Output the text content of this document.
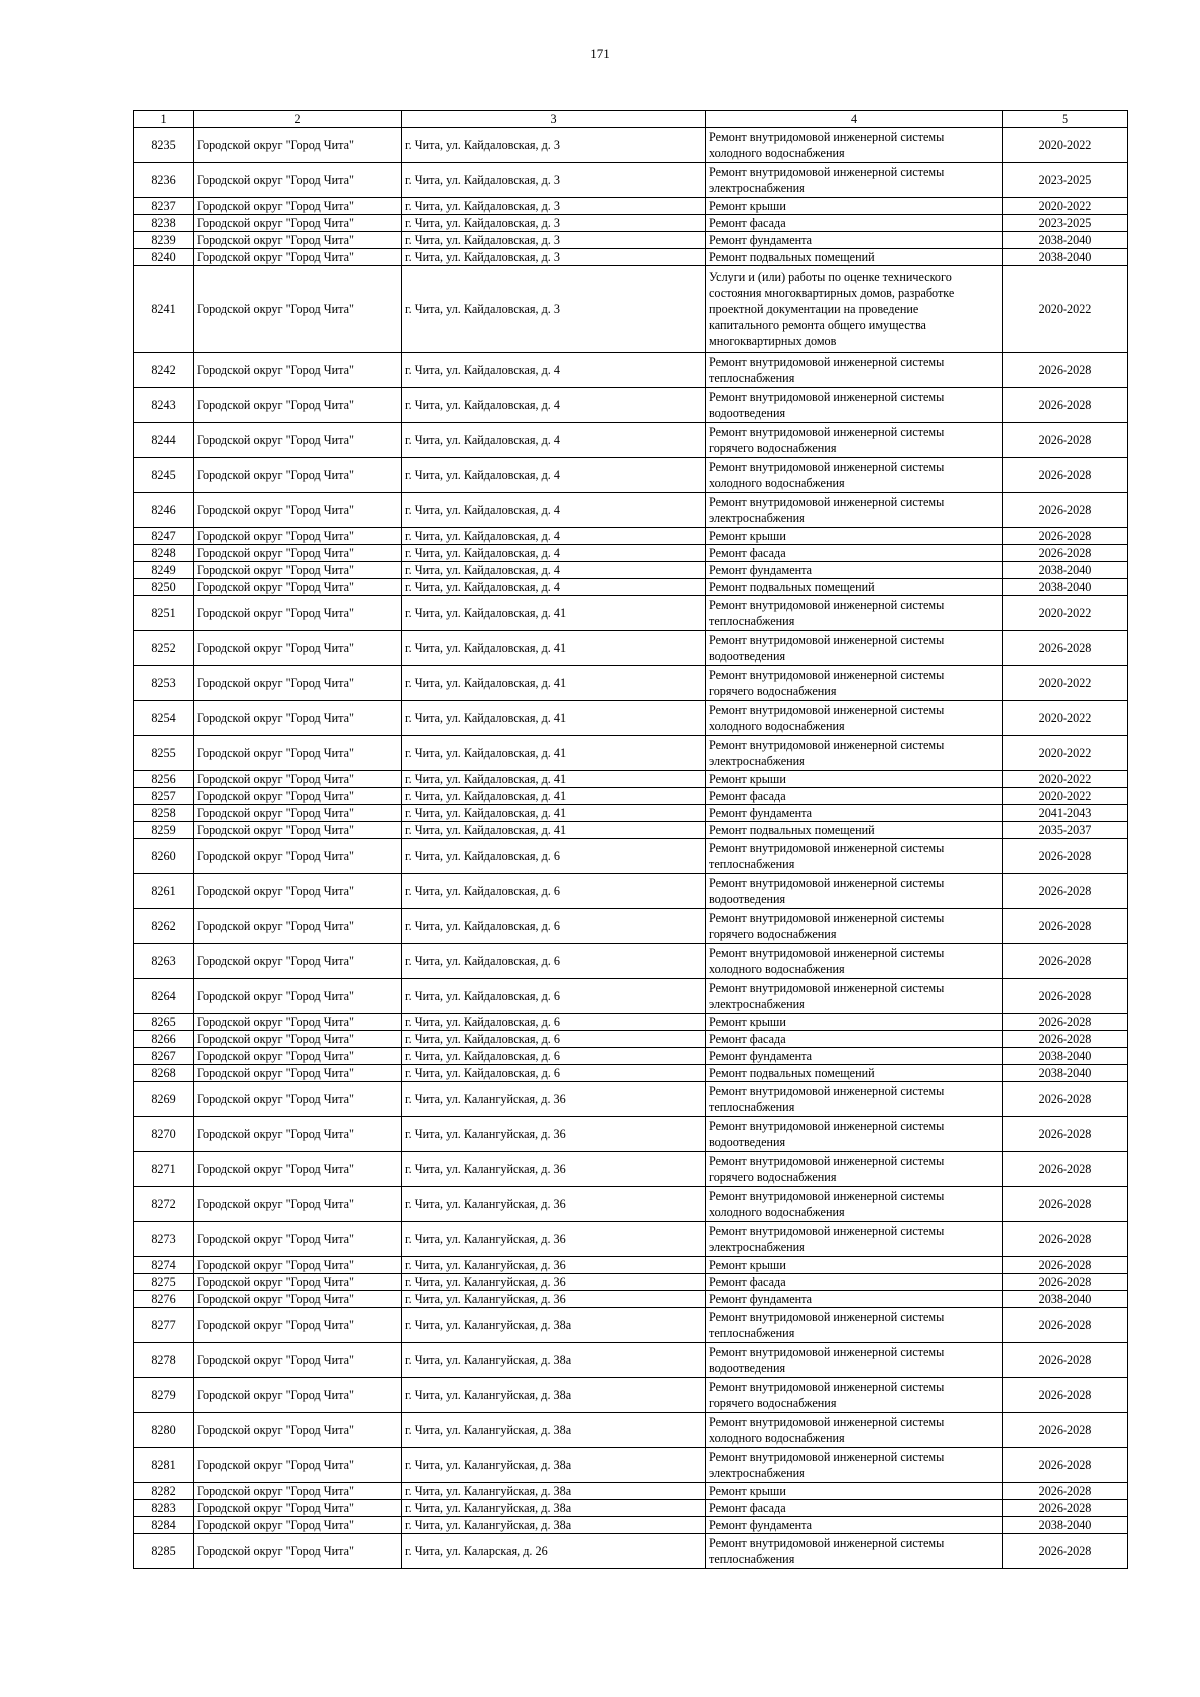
171
1	2	3	4	5
8235	Городской округ "Город Чита"	г. Чита, ул. Кайдаловская, д. 3	Ремонт внутридомовой инженерной системы
холодного водоснабжения	2020-2022
8236	Городской округ "Город Чита"	г. Чита, ул. Кайдаловская, д. 3	Ремонт внутридомовой инженерной системы
электроснабжения	2023-2025
8237	Городской округ "Город Чита"	г. Чита, ул. Кайдаловская, д. 3	Ремонт крыши	2020-2022
8238	Городской округ "Город Чита"	г. Чита, ул. Кайдаловская, д. 3	Ремонт фасада	2023-2025
8239	Городской округ "Город Чита"	г. Чита, ул. Кайдаловская, д. 3	Ремонт фундамента	2038-2040
8240	Городской округ "Город Чита"	г. Чита, ул. Кайдаловская, д. 3	Ремонт подвальных помещений	2038-2040
8241	Городской округ "Город Чита"	г. Чита, ул. Кайдаловская, д. 3	Услуги и (или) работы по оценке технического
состояния многоквартирных домов, разработке
проектной документации на проведение
капитального ремонта общего имущества
многоквартирных домов	2020-2022
8242	Городской округ "Город Чита"	г. Чита, ул. Кайдаловская, д. 4	Ремонт внутридомовой инженерной системы
теплоснабжения	2026-2028
8243	Городской округ "Город Чита"	г. Чита, ул. Кайдаловская, д. 4	Ремонт внутридомовой инженерной системы
водоотведения	2026-2028
8244	Городской округ "Город Чита"	г. Чита, ул. Кайдаловская, д. 4	Ремонт внутридомовой инженерной системы
горячего водоснабжения	2026-2028
8245	Городской округ "Город Чита"	г. Чита, ул. Кайдаловская, д. 4	Ремонт внутридомовой инженерной системы
холодного водоснабжения	2026-2028
8246	Городской округ "Город Чита"	г. Чита, ул. Кайдаловская, д. 4	Ремонт внутридомовой инженерной системы
электроснабжения	2026-2028
8247	Городской округ "Город Чита"	г. Чита, ул. Кайдаловская, д. 4	Ремонт крыши	2026-2028
8248	Городской округ "Город Чита"	г. Чита, ул. Кайдаловская, д. 4	Ремонт фасада	2026-2028
8249	Городской округ "Город Чита"	г. Чита, ул. Кайдаловская, д. 4	Ремонт фундамента	2038-2040
8250	Городской округ "Город Чита"	г. Чита, ул. Кайдаловская, д. 4	Ремонт подвальных помещений	2038-2040
8251	Городской округ "Город Чита"	г. Чита, ул. Кайдаловская, д. 41	Ремонт внутридомовой инженерной системы
теплоснабжения	2020-2022
8252	Городской округ "Город Чита"	г. Чита, ул. Кайдаловская, д. 41	Ремонт внутридомовой инженерной системы
водоотведения	2026-2028
8253	Городской округ "Город Чита"	г. Чита, ул. Кайдаловская, д. 41	Ремонт внутридомовой инженерной системы
горячего водоснабжения	2020-2022
8254	Городской округ "Город Чита"	г. Чита, ул. Кайдаловская, д. 41	Ремонт внутридомовой инженерной системы
холодного водоснабжения	2020-2022
8255	Городской округ "Город Чита"	г. Чита, ул. Кайдаловская, д. 41	Ремонт внутридомовой инженерной системы
электроснабжения	2020-2022
8256	Городской округ "Город Чита"	г. Чита, ул. Кайдаловская, д. 41	Ремонт крыши	2020-2022
8257	Городской округ "Город Чита"	г. Чита, ул. Кайдаловская, д. 41	Ремонт фасада	2020-2022
8258	Городской округ "Город Чита"	г. Чита, ул. Кайдаловская, д. 41	Ремонт фундамента	2041-2043
8259	Городской округ "Город Чита"	г. Чита, ул. Кайдаловская, д. 41	Ремонт подвальных помещений	2035-2037
8260	Городской округ "Город Чита"	г. Чита, ул. Кайдаловская, д. 6	Ремонт внутридомовой инженерной системы
теплоснабжения	2026-2028
8261	Городской округ "Город Чита"	г. Чита, ул. Кайдаловская, д. 6	Ремонт внутридомовой инженерной системы
водоотведения	2026-2028
8262	Городской округ "Город Чита"	г. Чита, ул. Кайдаловская, д. 6	Ремонт внутридомовой инженерной системы
горячего водоснабжения	2026-2028
8263	Городской округ "Город Чита"	г. Чита, ул. Кайдаловская, д. 6	Ремонт внутридомовой инженерной системы
холодного водоснабжения	2026-2028
8264	Городской округ "Город Чита"	г. Чита, ул. Кайдаловская, д. 6	Ремонт внутридомовой инженерной системы
электроснабжения	2026-2028
8265	Городской округ "Город Чита"	г. Чита, ул. Кайдаловская, д. 6	Ремонт крыши	2026-2028
8266	Городской округ "Город Чита"	г. Чита, ул. Кайдаловская, д. 6	Ремонт фасада	2026-2028
8267	Городской округ "Город Чита"	г. Чита, ул. Кайдаловская, д. 6	Ремонт фундамента	2038-2040
8268	Городской округ "Город Чита"	г. Чита, ул. Кайдаловская, д. 6	Ремонт подвальных помещений	2038-2040
8269	Городской округ "Город Чита"	г. Чита, ул. Калангуйская, д. 36	Ремонт внутридомовой инженерной системы
теплоснабжения	2026-2028
8270	Городской округ "Город Чита"	г. Чита, ул. Калангуйская, д. 36	Ремонт внутридомовой инженерной системы
водоотведения	2026-2028
8271	Городской округ "Город Чита"	г. Чита, ул. Калангуйская, д. 36	Ремонт внутридомовой инженерной системы
горячего водоснабжения	2026-2028
8272	Городской округ "Город Чита"	г. Чита, ул. Калангуйская, д. 36	Ремонт внутридомовой инженерной системы
холодного водоснабжения	2026-2028
8273	Городской округ "Город Чита"	г. Чита, ул. Калангуйская, д. 36	Ремонт внутридомовой инженерной системы
электроснабжения	2026-2028
8274	Городской округ "Город Чита"	г. Чита, ул. Калангуйская, д. 36	Ремонт крыши	2026-2028
8275	Городской округ "Город Чита"	г. Чита, ул. Калангуйская, д. 36	Ремонт фасада	2026-2028
8276	Городской округ "Город Чита"	г. Чита, ул. Калангуйская, д. 36	Ремонт фундамента	2038-2040
8277	Городской округ "Город Чита"	г. Чита, ул. Калангуйская, д. 38а	Ремонт внутридомовой инженерной системы
теплоснабжения	2026-2028
8278	Городской округ "Город Чита"	г. Чита, ул. Калангуйская, д. 38а	Ремонт внутридомовой инженерной системы
водоотведения	2026-2028
8279	Городской округ "Город Чита"	г. Чита, ул. Калангуйская, д. 38а	Ремонт внутридомовой инженерной системы
горячего водоснабжения	2026-2028
8280	Городской округ "Город Чита"	г. Чита, ул. Калангуйская, д. 38а	Ремонт внутридомовой инженерной системы
холодного водоснабжения	2026-2028
8281	Городской округ "Город Чита"	г. Чита, ул. Калангуйская, д. 38а	Ремонт внутридомовой инженерной системы
электроснабжения	2026-2028
8282	Городской округ "Город Чита"	г. Чита, ул. Калангуйская, д. 38а	Ремонт крыши	2026-2028
8283	Городской округ "Город Чита"	г. Чита, ул. Калангуйская, д. 38а	Ремонт фасада	2026-2028
8284	Городской округ "Город Чита"	г. Чита, ул. Калангуйская, д. 38а	Ремонт фундамента	2038-2040
8285	Городской округ "Город Чита"	г. Чита, ул. Каларская, д. 26	Ремонт внутридомовой инженерной системы
теплоснабжения	2026-2028
